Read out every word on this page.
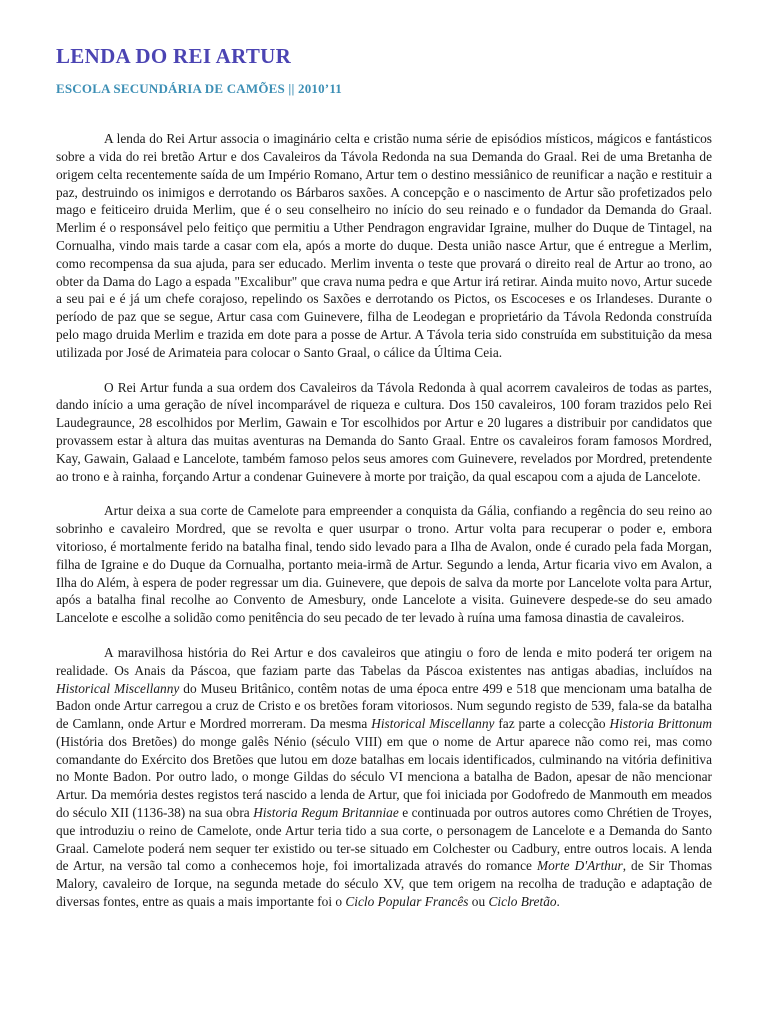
LENDA DO REI ARTUR
ESCOLA SECUNDÁRIA DE CAMÕES || 2010’11

A lenda do Rei Artur associa o imaginário celta e cristão numa série de episódios místicos, mágicos e fantásticos sobre a vida do rei bretão Artur e dos Cavaleiros da Távola Redonda na sua Demanda do Graal. Rei de uma Bretanha de origem celta recentemente saída de um Império Romano, Artur tem o destino messiânico de reunificar a nação e restituir a paz, destruindo os inimigos e derrotando os Bárbaros saxões. A concepção e o nascimento de Artur são profetizados pelo mago e feiticeiro druida Merlim, que é o seu conselheiro no início do seu reinado e o fundador da Demanda do Graal. Merlim é o responsável pelo feitiço que permitiu a Uther Pendragon engravidar Igraine, mulher do Duque de Tintagel, na Cornualha, vindo mais tarde a casar com ela, após a morte do duque. Desta união nasce Artur, que é entregue a Merlim, como recompensa da sua ajuda, para ser educado. Merlim inventa o teste que provará o direito real de Artur ao trono, ao obter da Dama do Lago a espada "Excalibur" que crava numa pedra e que Artur irá retirar. Ainda muito novo, Artur sucede a seu pai e é já um chefe corajoso, repelindo os Saxões e derrotando os Pictos, os Escoceses e os Irlandeses. Durante o período de paz que se segue, Artur casa com Guinevere, filha de Leodegan e proprietário da Távola Redonda construída pelo mago druida Merlim e trazida em dote para a posse de Artur. A Távola teria sido construída em substituição da mesa utilizada por José de Arimateia para colocar o Santo Graal, o cálice da Última Ceia.

O Rei Artur funda a sua ordem dos Cavaleiros da Távola Redonda à qual acorrem cavaleiros de todas as partes, dando início a uma geração de nível incomparável de riqueza e cultura. Dos 150 cavaleiros, 100 foram trazidos pelo Rei Laudegraunce, 28 escolhidos por Merlim, Gawain e Tor escolhidos por Artur e 20 lugares a distribuir por candidatos que provassem estar à altura das muitas aventuras na Demanda do Santo Graal. Entre os cavaleiros foram famosos Mordred, Kay, Gawain, Galaad e Lancelote, também famoso pelos seus amores com Guinevere, revelados por Mordred, pretendente ao trono e à rainha, forçando Artur a condenar Guinevere à morte por traição, da qual escapou com a ajuda de Lancelote.

Artur deixa a sua corte de Camelote para empreender a conquista da Gália, confiando a regência do seu reino ao sobrinho e cavaleiro Mordred, que se revolta e quer usurpar o trono. Artur volta para recuperar o poder e, embora vitorioso, é mortalmente ferido na batalha final, tendo sido levado para a Ilha de Avalon, onde é curado pela fada Morgan, filha de Igraine e do Duque da Cornualha, portanto meia-irmã de Artur. Segundo a lenda, Artur ficaria vivo em Avalon, a Ilha do Além, à espera de poder regressar um dia. Guinevere, que depois de salva da morte por Lancelote volta para Artur, após a batalha final recolhe ao Convento de Amesbury, onde Lancelote a visita. Guinevere despede-se do seu amado Lancelote e escolhe a solidão como penitência do seu pecado de ter levado à ruína uma famosa dinastia de cavaleiros.

A maravilhosa história do Rei Artur e dos cavaleiros que atingiu o foro de lenda e mito poderá ter origem na realidade. Os Anais da Páscoa, que faziam parte das Tabelas da Páscoa existentes nas antigas abadias, incluídos na Historical Miscellanny do Museu Britânico, contêm notas de uma época entre 499 e 518 que mencionam uma batalha de Badon onde Artur carregou a cruz de Cristo e os bretões foram vitoriosos. Num segundo registo de 539, fala-se da batalha de Camlann, onde Artur e Mordred morreram. Da mesma Historical Miscellanny faz parte a colecção Historia Brittonum (História dos Bretões) do monge galês Nénio (século VIII) em que o nome de Artur aparece não como rei, mas como comandante do Exército dos Bretões que lutou em doze batalhas em locais identificados, culminando na vitória definitiva no Monte Badon. Por outro lado, o monge Gildas do século VI menciona a batalha de Badon, apesar de não mencionar Artur. Da memória destes registos terá nascido a lenda de Artur, que foi iniciada por Godofredo de Manmouth em meados do século XII (1136-38) na sua obra Historia Regum Britanniae e continuada por outros autores como Chrétien de Troyes, que introduziu o reino de Camelote, onde Artur teria tido a sua corte, o personagem de Lancelote e a Demanda do Santo Graal. Camelote poderá nem sequer ter existido ou ter-se situado em Colchester ou Cadbury, entre outros locais. A lenda de Artur, na versão tal como a conhecemos hoje, foi imortalizada através do romance Morte D'Arthur, de Sir Thomas Malory, cavaleiro de Iorque, na segunda metade do século XV, que tem origem na recolha de tradução e adaptação de diversas fontes, entre as quais a mais importante foi o Ciclo Popular Francês ou Ciclo Bretão.
